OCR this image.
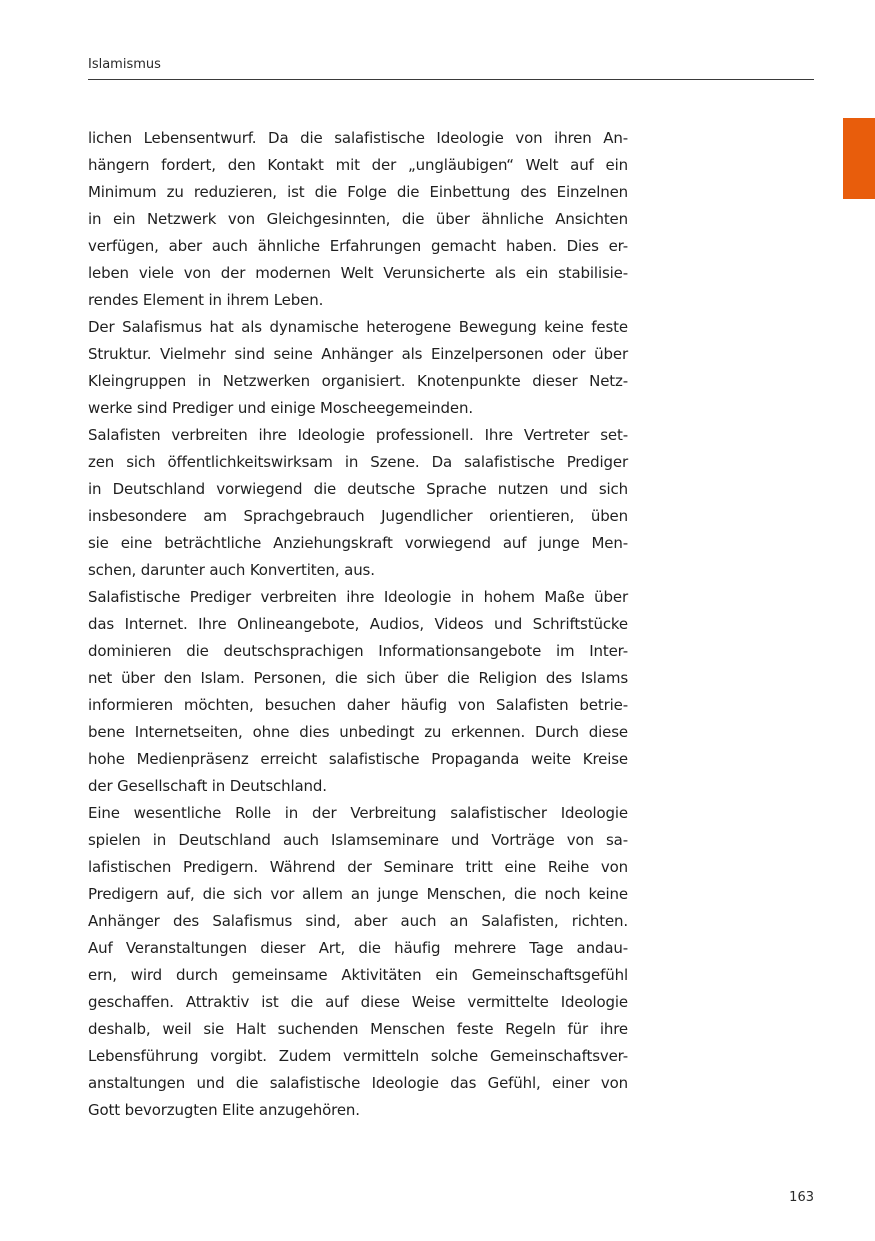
Islamismus
lichen Lebensentwurf. Da die salafistische Ideologie von ihren An-
hängern fordert, den Kontakt mit der „ungläubigen“ Welt auf ein
Minimum zu reduzieren, ist die Folge die Einbettung des Einzelnen
in ein Netzwerk von Gleichgesinnten, die über ähnliche Ansichten
verfügen, aber auch ähnliche Erfahrungen gemacht haben. Dies er-
leben viele von der modernen Welt Verunsicherte als ein stabilisie-
rendes Element in ihrem Leben.
Der Salafismus hat als dynamische heterogene Bewegung keine feste
Struktur. Vielmehr sind seine Anhänger als Einzelpersonen oder über
Kleingruppen in Netzwerken organisiert. Knotenpunkte dieser Netz-
werke sind Prediger und einige Moscheegemeinden.
Salafisten verbreiten ihre Ideologie professionell. Ihre Vertreter set-
zen sich öffentlichkeitswirksam in Szene. Da salafistische Prediger
in Deutschland vorwiegend die deutsche Sprache nutzen und sich
insbesondere am Sprachgebrauch Jugendlicher orientieren, üben
sie eine beträchtliche Anziehungskraft vorwiegend auf junge Men-
schen, darunter auch Konvertiten, aus.
Salafistische Prediger verbreiten ihre Ideologie in hohem Maße über
das Internet. Ihre Onlineangebote, Audios, Videos und Schriftstücke
dominieren die deutschsprachigen Informationsangebote im Inter-
net über den Islam. Personen, die sich über die Religion des Islams
informieren möchten, besuchen daher häufig von Salafisten betrie-
bene Internetseiten, ohne dies unbedingt zu erkennen. Durch diese
hohe Medienpräsenz erreicht salafistische Propaganda weite Kreise
der Gesellschaft in Deutschland.
Eine wesentliche Rolle in der Verbreitung salafistischer Ideologie
spielen in Deutschland auch Islamseminare und Vorträge von sa-
lafistischen Predigern. Während der Seminare tritt eine Reihe von
Predigern auf, die sich vor allem an junge Menschen, die noch keine
Anhänger des Salafismus sind, aber auch an Salafisten, richten.
Auf Veranstaltungen dieser Art, die häufig mehrere Tage andau-
ern, wird durch gemeinsame Aktivitäten ein Gemeinschaftsgefühl
geschaffen. Attraktiv ist die auf diese Weise vermittelte Ideologie
deshalb, weil sie Halt suchenden Menschen feste Regeln für ihre
Lebensführung vorgibt. Zudem vermitteln solche Gemeinschaftsver-
anstaltungen und die salafistische Ideologie das Gefühl, einer von
Gott bevorzugten Elite anzugehören.
163
